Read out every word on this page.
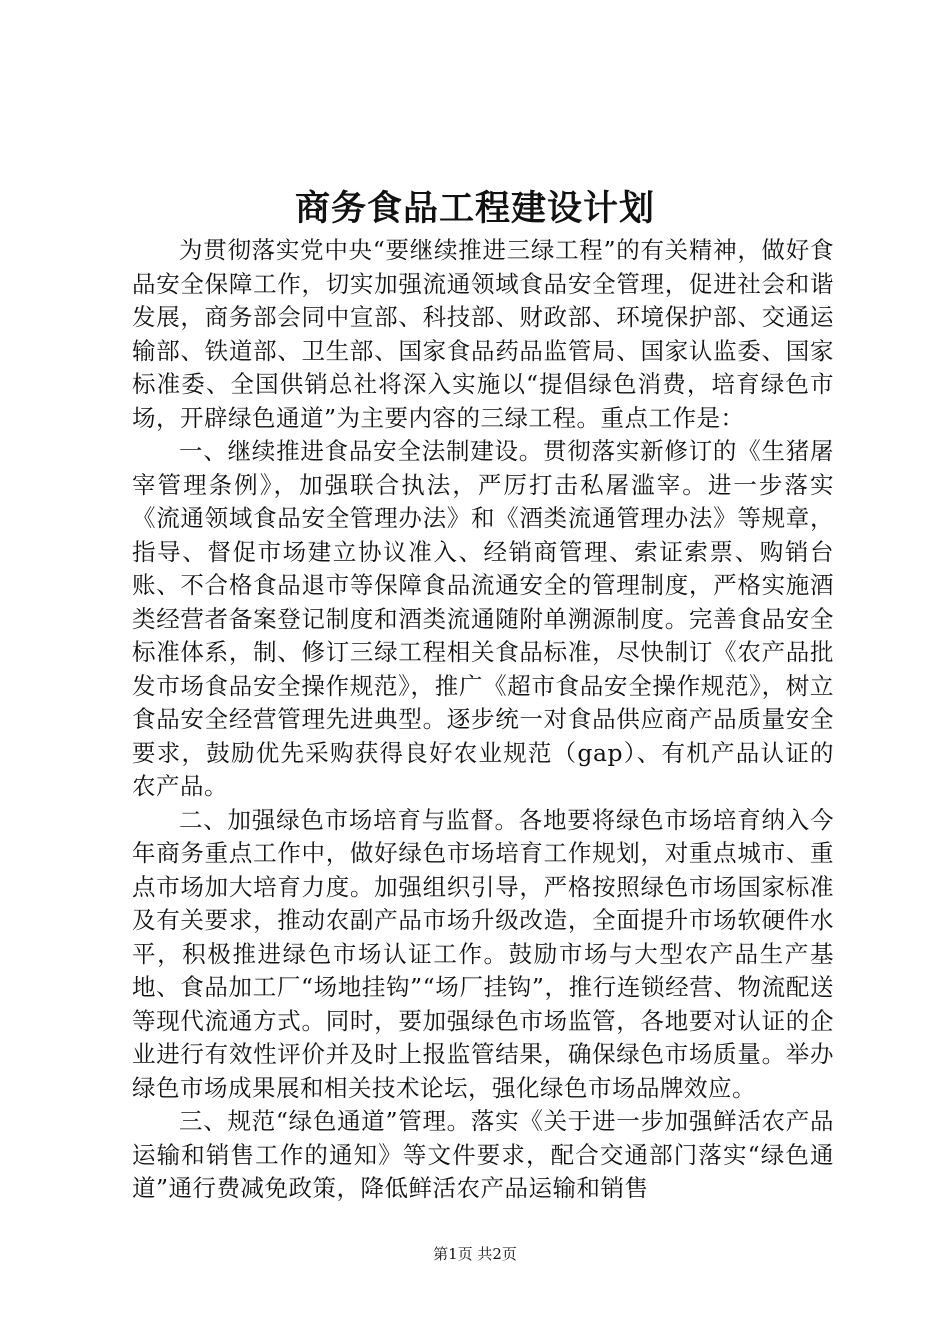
商务食品工程建设计划

为贯彻落实党中央“要继续推进三绿工程”的有关精神，做好食品安全保障工作，切实加强流通领域食品安全管理，促进社会和谐发展，商务部会同中宣部、科技部、财政部、环境保护部、交通运输部、铁道部、卫生部、国家食品药品监管局、国家认监委、国家标准委、全国供销总社将深入实施以“提倡绿色消费，培育绿色市场，开辟绿色通道”为主要内容的三绿工程。重点工作是：

一、继续推进食品安全法制建设。贯彻落实新修订的《生猪屠宰管理条例》，加强联合执法，严厉打击私屠滥宰。进一步落实《流通领域食品安全管理办法》和《酒类流通管理办法》等规章，指导、督促市场建立协议准入、经销商管理、索证索票、购销台账、不合格食品退市等保障食品流通安全的管理制度，严格实施酒类经营者备案登记制度和酒类流通随附单溯源制度。完善食品安全标准体系，制、修订三绿工程相关食品标准，尽快制订《农产品批发市场食品安全操作规范》，推广《超市食品安全操作规范》，树立食品安全经营管理先进典型。逐步统一对食品供应商产品质量安全要求，鼓励优先采购获得良好农业规范（gap）、有机产品认证的农产品。

二、加强绿色市场培育与监督。各地要将绿色市场培育纳入今年商务重点工作中，做好绿色市场培育工作规划，对重点城市、重点市场加大培育力度。加强组织引导，严格按照绿色市场国家标准及有关要求，推动农副产品市场升级改造，全面提升市场软硬件水平，积极推进绿色市场认证工作。鼓励市场与大型农产品生产基地、食品加工厂“场地挂钩”“场厂挂钩”，推行连锁经营、物流配送等现代流通方式。同时，要加强绿色市场监管，各地要对认证的企业进行有效性评价并及时上报监管结果，确保绿色市场质量。举办绿色市场成果展和相关技术论坛，强化绿色市场品牌效应。

三、规范“绿色通道”管理。落实《关于进一步加强鲜活农产品运输和销售工作的通知》等文件要求，配合交通部门落实“绿色通道”通行费减免政策，降低鲜活农产品运输和销售

第1页 共2页
